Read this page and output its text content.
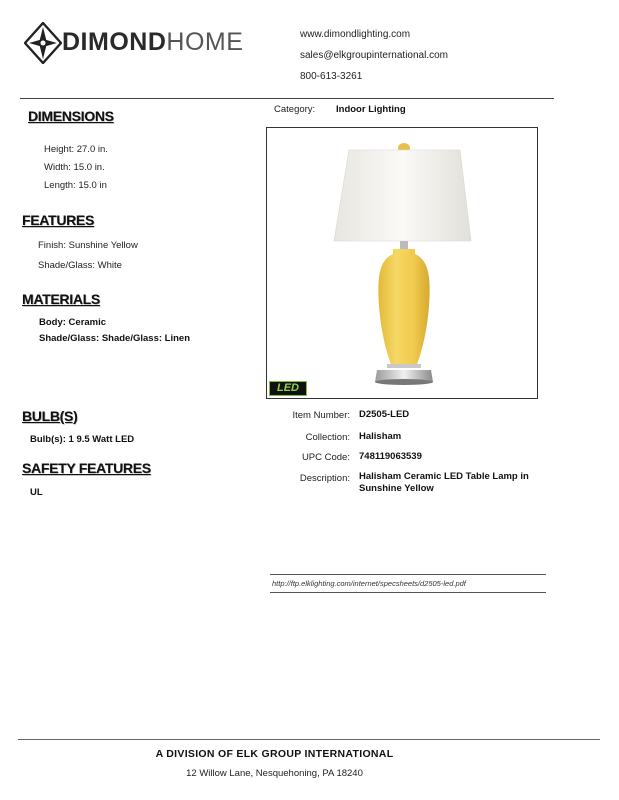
DIMONDHOME	www.dimondlighting.com
sales@elkgroupinternational.com
800-613-3261
Category: Indoor Lighting
DIMENSIONS
Height: 27.0 in.
Width: 15.0 in.
Length: 15.0 in
FEATURES
Finish: Sunshine Yellow
Shade/Glass: White
MATERIALS
Body: Ceramic
Shade/Glass: Shade/Glass: Linen
BULB(S)
Bulb(s): 1 9.5 Watt LED
SAFETY FEATURES
UL
LED
Item Number: D2505-LED
Collection: Halisham
UPC Code: 748119063539
Description: Halisham Ceramic LED Table Lamp in
Sunshine Yellow
http://ftp.elklighting.com/internet/specsheets/d2505-led.pdf
A DIVISION OF ELK GROUP INTERNATIONAL
12 Willow Lane, Nesquehoning, PA 18240
